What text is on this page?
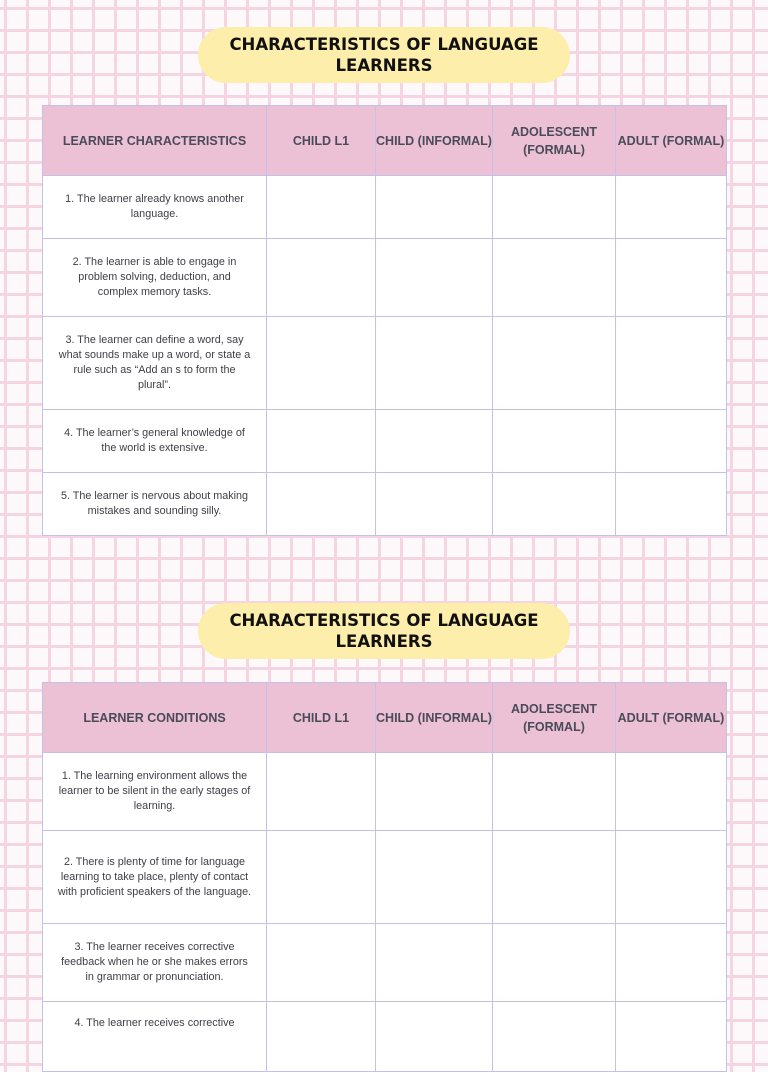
CHARACTERISTICS OF LANGUAGE LEARNERS
LEARNER CHARACTERISTICS	CHILD L1	CHILD (INFORMAL)	ADOLESCENT (FORMAL)	ADULT (FORMAL)
1. The learner already knows another language.				
2. The learner is able to engage in problem solving, deduction, and complex memory tasks.				
3. The learner can define a word, say what sounds make up a word, or state a rule such as “Add an s to form the plural”.				
4. The learner’s general knowledge of the world is extensive.				
5. The learner is nervous about making mistakes and sounding silly.				
CHARACTERISTICS OF LANGUAGE LEARNERS
LEARNER CONDITIONS	CHILD L1	CHILD (INFORMAL)	ADOLESCENT (FORMAL)	ADULT (FORMAL)
1. The learning environment allows the learner to be silent in the early stages of learning.				
2. There is plenty of time for language learning to take place, plenty of contact with proficient speakers of the language.				
3. The learner receives corrective feedback when he or she makes errors in grammar or pronunciation.				
4. The learner receives corrective				
